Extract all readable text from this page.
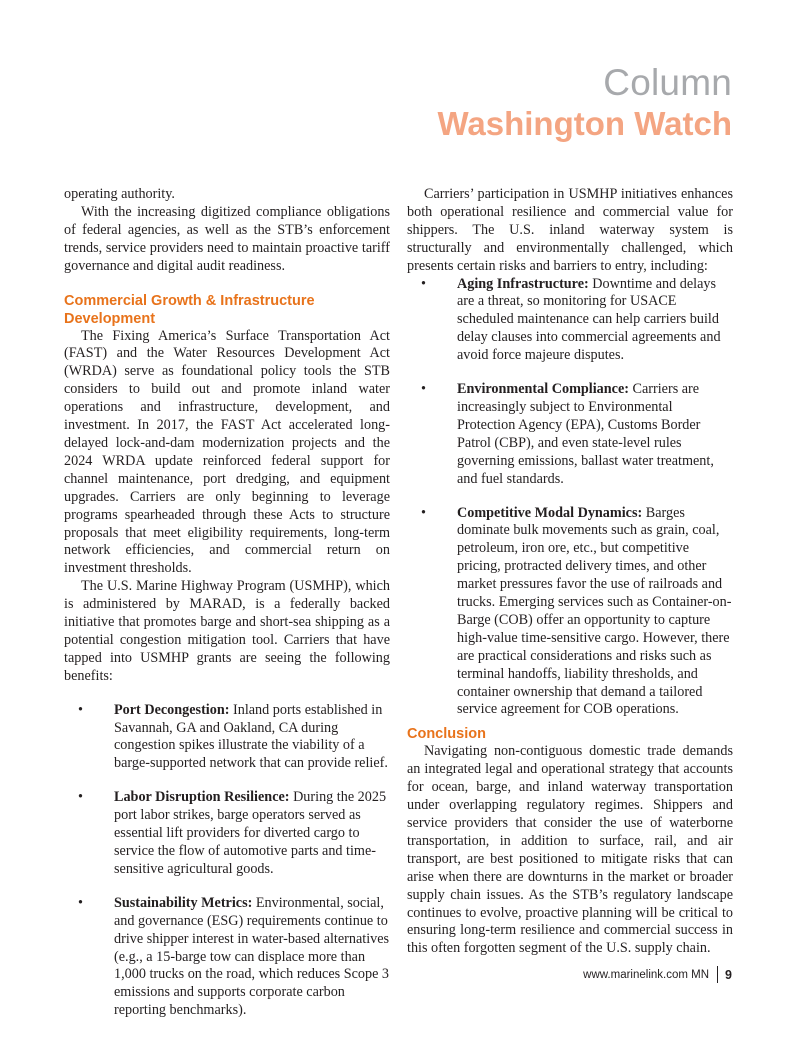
Column
Washington Watch

operating authority.

With the increasing digitized compliance obligations of federal agencies, as well as the STB’s enforcement trends, service providers need to maintain proactive tariff governance and digital audit readiness.

Commercial Growth & Infrastructure Development

The Fixing America’s Surface Transportation Act (FAST) and the Water Resources Development Act (WRDA) serve as foundational policy tools the STB considers to build out and promote inland water operations and infrastructure, development, and investment. In 2017, the FAST Act accelerated long-delayed lock-and-dam modernization projects and the 2024 WRDA update reinforced federal support for channel maintenance, port dredging, and equipment upgrades. Carriers are only beginning to leverage programs spearheaded through these Acts to structure proposals that meet eligibility requirements, long-term network efficiencies, and commercial return on investment thresholds.

The U.S. Marine Highway Program (USMHP), which is administered by MARAD, is a federally backed initiative that promotes barge and short-sea shipping as a potential congestion mitigation tool. Carriers that have tapped into USMHP grants are seeing the following benefits:

• Port Decongestion: Inland ports established in Savannah, GA and Oakland, CA during congestion spikes illustrate the viability of a barge-supported network that can provide relief.
• Labor Disruption Resilience: During the 2025 port labor strikes, barge operators served as essential lift providers for diverted cargo to service the flow of automotive parts and time-sensitive agricultural goods.
• Sustainability Metrics: Environmental, social, and governance (ESG) requirements continue to drive shipper interest in water-based alternatives (e.g., a 15-barge tow can displace more than 1,000 trucks on the road, which reduces Scope 3 emissions and supports corporate carbon reporting benchmarks).

Carriers’ participation in USMHP initiatives enhances both operational resilience and commercial value for shippers. The U.S. inland waterway system is structurally and environmentally challenged, which presents certain risks and barriers to entry, including:

• Aging Infrastructure: Downtime and delays are a threat, so monitoring for USACE scheduled maintenance can help carriers build delay clauses into commercial agreements and avoid force majeure disputes.
• Environmental Compliance: Carriers are increasingly subject to Environmental Protection Agency (EPA), Customs Border Patrol (CBP), and even state-level rules governing emissions, ballast water treatment, and fuel standards.
• Competitive Modal Dynamics: Barges dominate bulk movements such as grain, coal, petroleum, iron ore, etc., but competitive pricing, protracted delivery times, and other market pressures favor the use of railroads and trucks. Emerging services such as Container-on-Barge (COB) offer an opportunity to capture high-value time-sensitive cargo. However, there are practical considerations and risks such as terminal handoffs, liability thresholds, and container ownership that demand a tailored service agreement for COB operations.
Conclusion

Navigating non-contiguous domestic trade demands an integrated legal and operational strategy that accounts for ocean, barge, and inland waterway transportation under overlapping regulatory regimes. Shippers and service providers that consider the use of waterborne transportation, in addition to surface, rail, and air transport, are best positioned to mitigate risks that can arise when there are downturns in the market or broader supply chain issues. As the STB’s regulatory landscape continues to evolve, proactive planning will be critical to ensuring long-term resilience and commercial success in this often forgotten segment of the U.S. supply chain.

www.marinelink.com
MN 9
